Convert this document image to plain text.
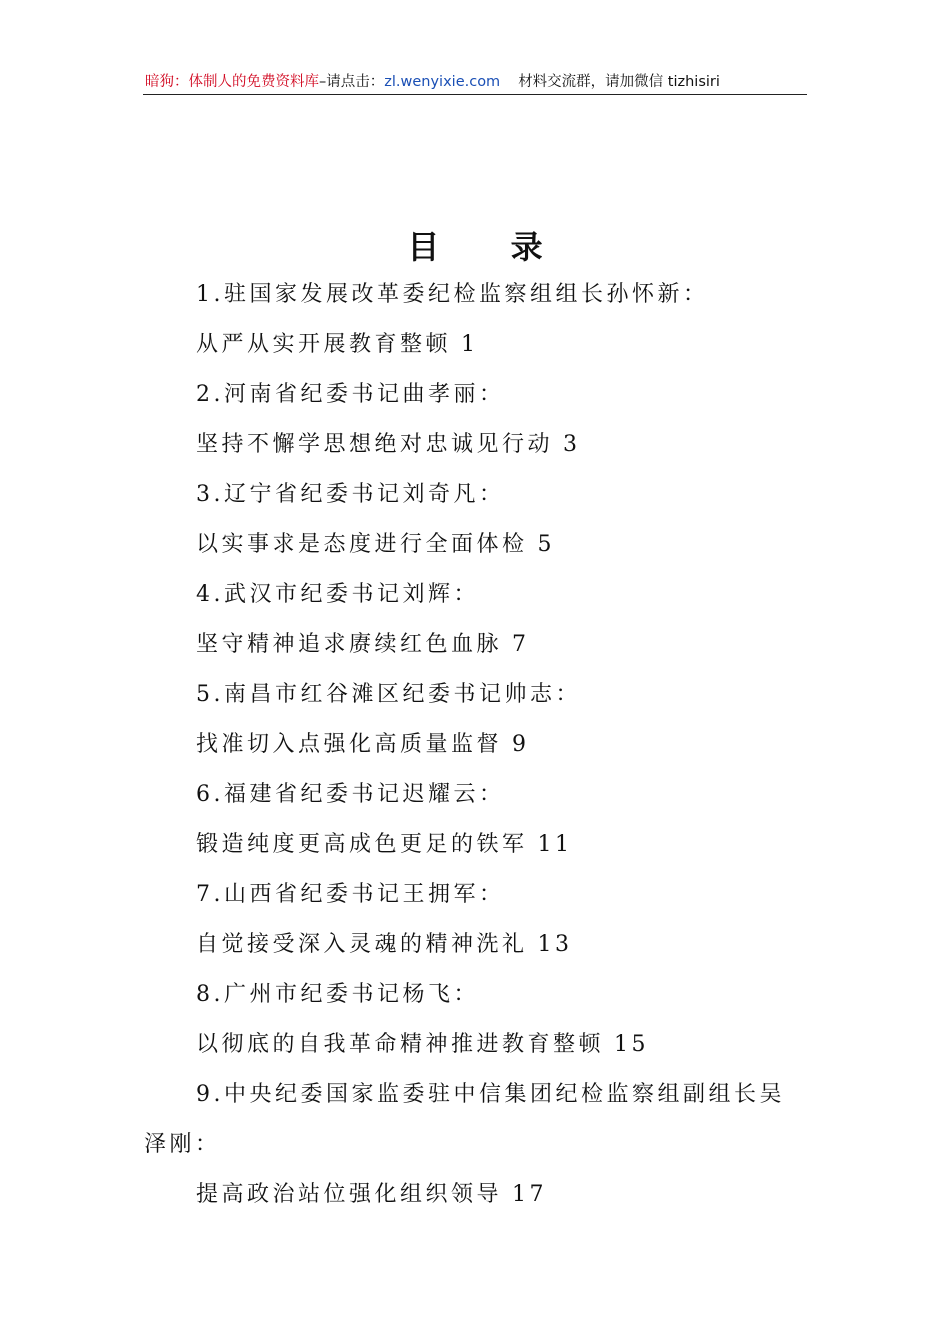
暗狗：体制人的免费资料库–请点击：zl.wenyixie.com 材料交流群，请加微信 tizhisiri
目 录
1.驻国家发展改革委纪检监察组组长孙怀新：
从严从实开展教育整顿 1
2.河南省纪委书记曲孝丽：
坚持不懈学思想绝对忠诚见行动 3
3.辽宁省纪委书记刘奇凡：
以实事求是态度进行全面体检 5
4.武汉市纪委书记刘辉：
坚守精神追求赓续红色血脉 7
5.南昌市红谷滩区纪委书记帅志：
找准切入点强化高质量监督 9
6.福建省纪委书记迟耀云：
锻造纯度更高成色更足的铁军 11
7.山西省纪委书记王拥军：
自觉接受深入灵魂的精神洗礼 13
8.广州市纪委书记杨飞：
以彻底的自我革命精神推进教育整顿 15
9.中央纪委国家监委驻中信集团纪检监察组副组长吴
泽刚：
提高政治站位强化组织领导 17
